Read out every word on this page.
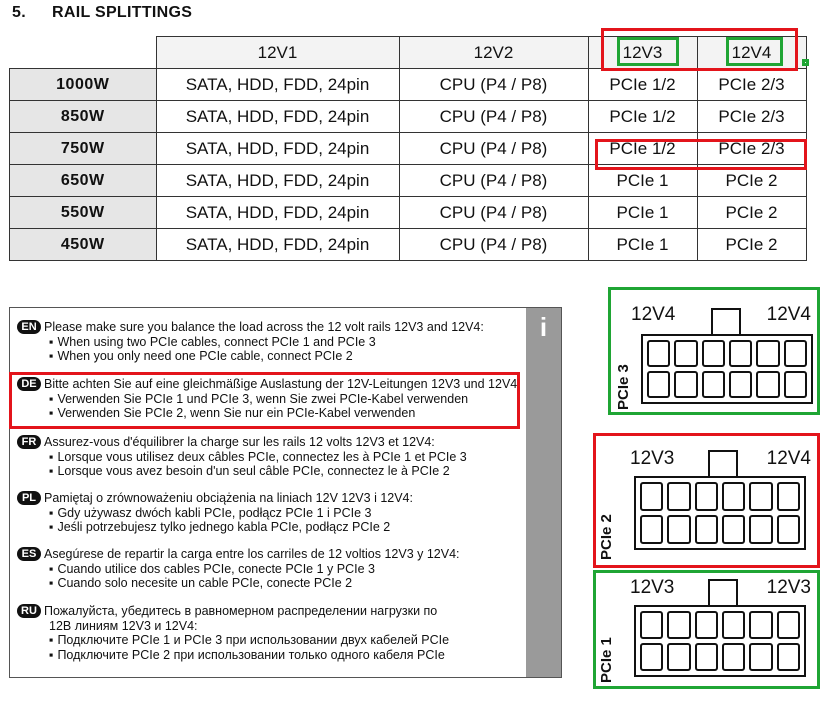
5. RAIL SPLITTINGS
	12V1	12V2	12V3	12V4
1000W	SATA, HDD, FDD, 24pin	CPU (P4 / P8)	PCIe 1/2	PCIe 2/3
850W	SATA, HDD, FDD, 24pin	CPU (P4 / P8)	PCIe 1/2	PCIe 2/3
750W	SATA, HDD, FDD, 24pin	CPU (P4 / P8)	PCIe 1/2	PCIe 2/3
650W	SATA, HDD, FDD, 24pin	CPU (P4 / P8)	PCIe 1	PCIe 2
550W	SATA, HDD, FDD, 24pin	CPU (P4 / P8)	PCIe 1	PCIe 2
450W	SATA, HDD, FDD, 24pin	CPU (P4 / P8)	PCIe 1	PCIe 2
i
EN Please make sure you balance the load across the 12 volt rails 12V3 and 12V4:
▪ When using two PCIe cables, connect PCIe 1 and PCIe 3
▪ When you only need one PCIe cable, connect PCIe 2
DE Bitte achten Sie auf eine gleichmäßige Auslastung der 12V-Leitungen 12V3 und 12V4:
▪ Verwenden Sie PCIe 1 und PCIe 3, wenn Sie zwei PCIe-Kabel verwenden
▪ Verwenden Sie PCIe 2, wenn Sie nur ein PCIe-Kabel verwenden
FR Assurez-vous d'équilibrer la charge sur les rails 12 volts 12V3 et 12V4:
▪ Lorsque vous utilisez deux câbles PCIe, connectez les à PCIe 1 et PCIe 3
▪ Lorsque vous avez besoin d'un seul câble PCIe, connectez le à PCIe 2
PL Pamiętaj o zrównoważeniu obciążenia na liniach 12V 12V3 i 12V4:
▪ Gdy używasz dwóch kabli PCIe, podłącz PCIe 1 i PCIe 3
▪ Jeśli potrzebujesz tylko jednego kabla PCIe, podłącz PCIe 2
ES Asegúrese de repartir la carga entre los carriles de 12 voltios 12V3 y 12V4:
▪ Cuando utilice dos cables PCIe, conecte PCIe 1 y PCIe 3
▪ Cuando solo necesite un cable PCIe, conecte PCIe 2
RU Пожалуйста, убедитесь в равномерном распределении нагрузки по
12В линиям 12V3 и 12V4:
▪ Подключите PCIe 1 и PCIe 3 при использовании двух кабелей PCIe
▪ Подключите PCIe 2 при использовании только одного кабеля PCIe
12V4	12V4
PCIe 3
12V3	12V4
PCIe 2
12V3	12V3
PCIe 1
